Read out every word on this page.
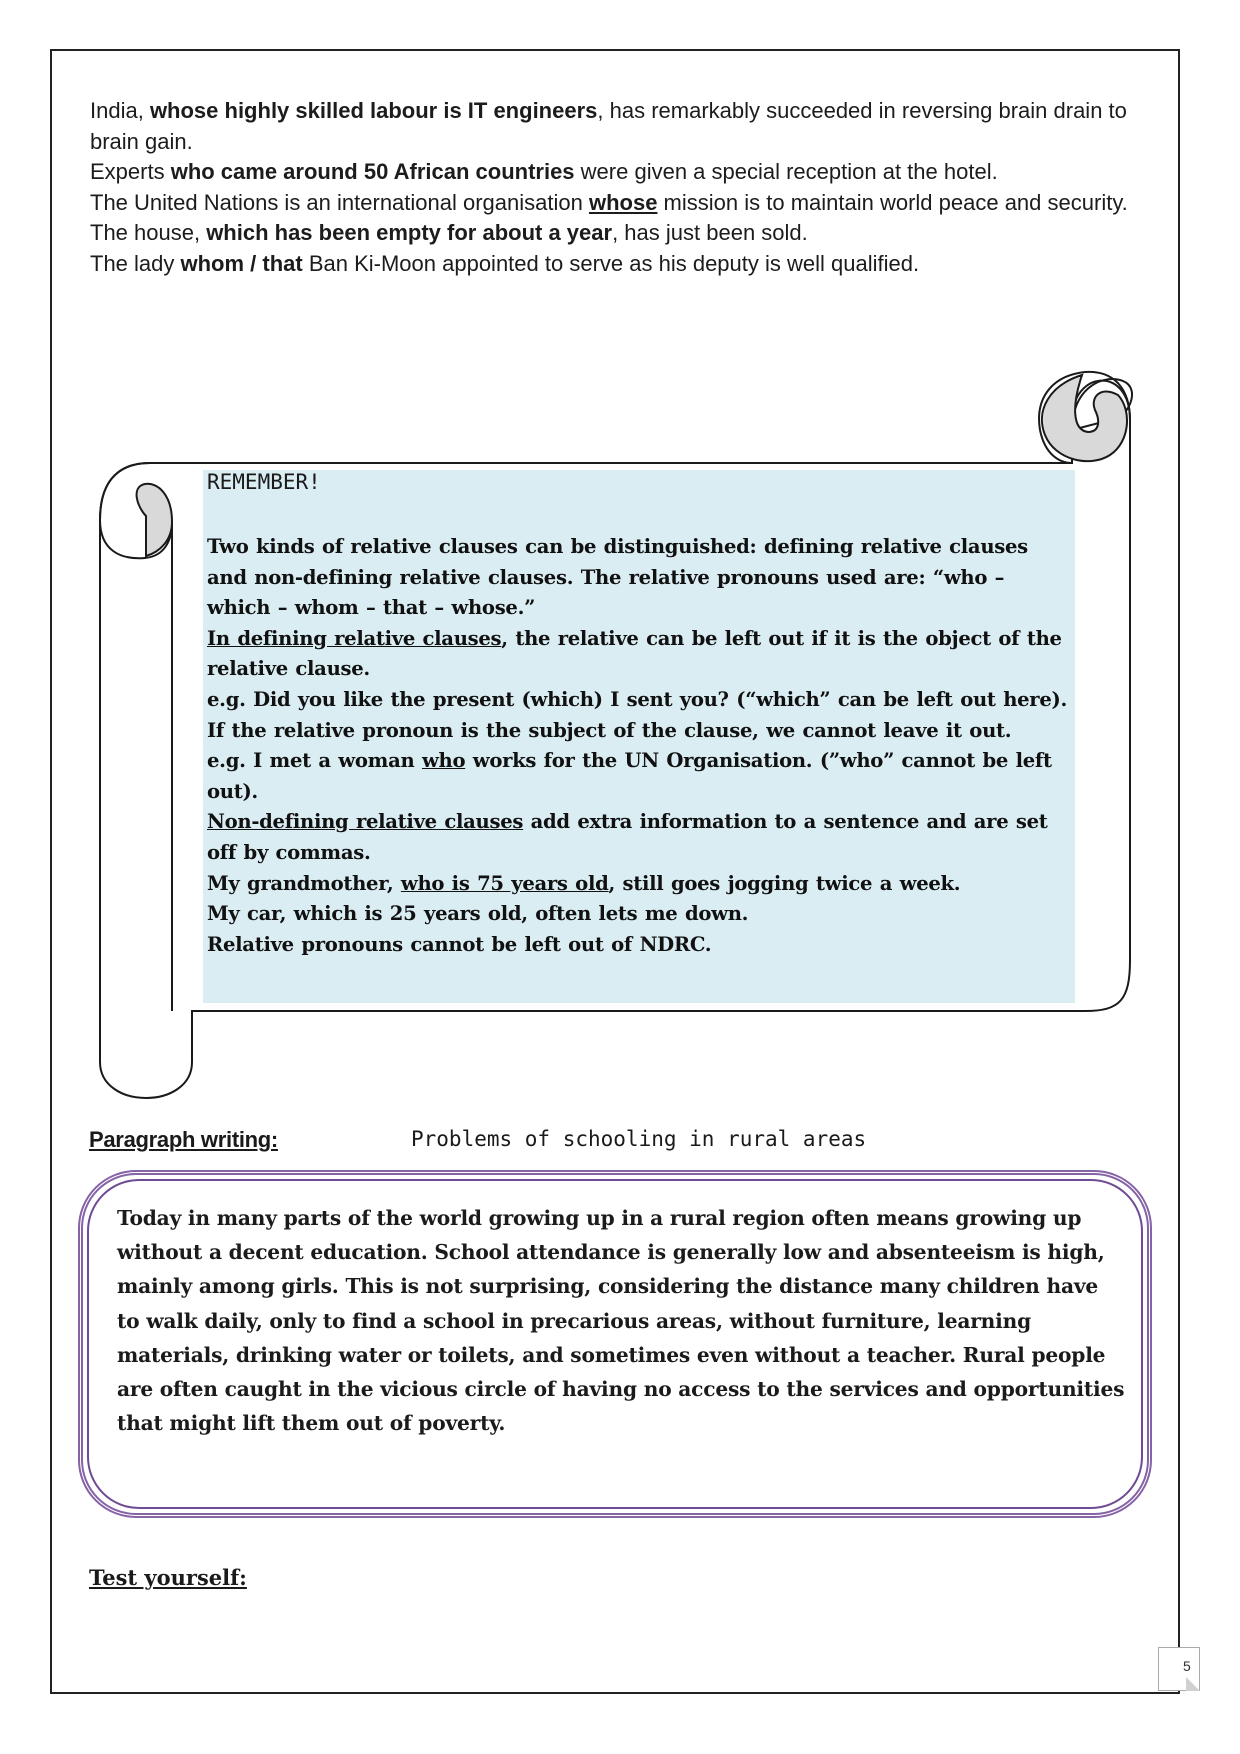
India, whose highly skilled labour is IT engineers, has remarkably succeeded in reversing brain drain to brain gain.

Experts who came around 50 African countries were given a special reception at the hotel.

The United Nations is an international organisation whose mission is to maintain world peace and security.

The house, which has been empty for about a year, has just been sold.

The lady whom / that Ban Ki-Moon appointed to serve as his deputy is well qualified.

REMEMBER!

Two kinds of relative clauses can be distinguished: defining relative clauses and non-defining relative clauses. The relative pronouns used are: “who – which – whom – that – whose.”

In defining relative clauses, the relative can be left out if it is the object of the relative clause.

e.g. Did you like the present (which) I sent you? (“which” can be left out here).

If the relative pronoun is the subject of the clause, we cannot leave it out.

e.g. I met a woman who works for the UN Organisation. (”who” cannot be left out).

Non-defining relative clauses add extra information to a sentence and are set off by commas.

My grandmother, who is 75 years old, still goes jogging twice a week.

My car, which is 25 years old, often lets me down.

Relative pronouns cannot be left out of NDRC.

Paragraph writing:	Problems of schooling in rural areas
Today in many parts of the world growing up in a rural region often means growing up without a decent education. School attendance is generally low and absenteeism is high, mainly among girls. This is not surprising, considering the distance many children have to walk daily, only to find a school in precarious areas, without furniture, learning materials, drinking water or toilets, and sometimes even without a teacher. Rural people are often caught in the vicious circle of having no access to the services and opportunities that might lift them out of poverty.
Test yourself:
5
